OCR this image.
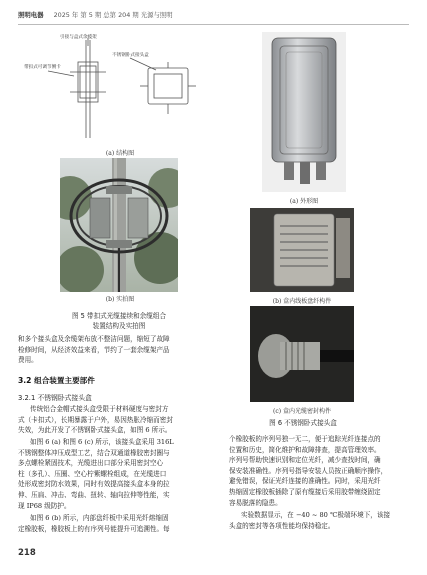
照明电器 2025 年 第 5 期 总第 204 期 光源与照明
引接与盒式余缆架
带扣式可调节侧卡
不锈钢卧式接头盒
(a) 结构图
(b) 实拍图
图 5 带扣式光缆接续和余缆组合
装置结构及实拍图
和多个接头盒及余缆架布放不整洁问题，缩短了故障
检修时间，从经济效益来看，节约了一套余缆架产品
费用。
3.2 组合装置主要部件
3.2.1 不锈钢卧式接头盒
传统铝合金帽式接头盒受限于材料硬度与密封方
式（卡扣式），长期暴露于户外，易因热胀冷缩而密封
失效，为此开发了不锈钢卧式接头盒，如图 6 所示。
如图 6 (a) 和图 6 (c) 所示，该接头盒采用 316L
不锈钢整体冲压成型工艺，结合双通道橡胶密封圈与
多点螺栓紧固技术，光缆进出口部分采用密封空心
柱（多孔）、压圈、空心柠紫螺栓组成，在光缆进口
处形成密封防水效果，同时有效提高接头盒本身的拉
伸、压扁、冲击、弯曲、扭转、轴向拉伸等性能，实
现 IP68 级防护。
如图 6 (b) 所示，内部盘纤板中采用光纤熔缩固
定橡胶板，橡胶板上的有序列号能提升可追溯性。每
218
(a) 外形图
(b) 盒内线板盘纤构件
(c) 盒内光缆密封构件
图 6 不锈钢卧式接头盒
个橡胶板的序列号独一无二，便于追踪光纤连接点的
位置和历史，简化维护和故障排查，提高管理效率。
序列号帮助快速识别和定位光纤，减少查找时间，确
保安装准确性。序列号指导安装人员按正确顺序操作，
避免错误，保证光纤连接的准确性。同时，采用光纤
热缩固定橡胶板插除了原有缆接后采用胶带缠绕固定
容易脱落的隐患。
实验数据显示，在 −40 ~ 80 ℃极端环境下，该接
头盒的密封等各项性能均保持稳定。
